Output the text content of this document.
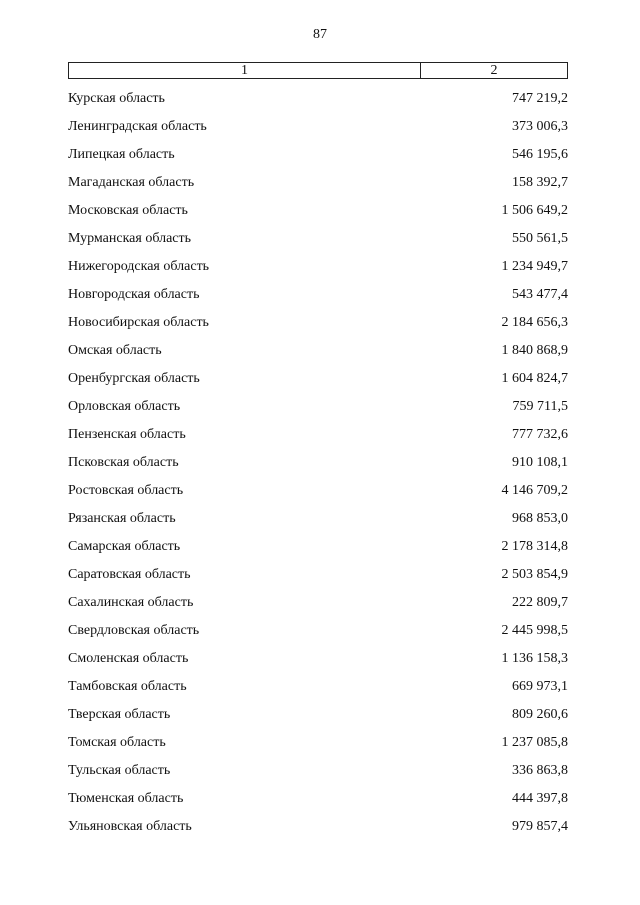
87
1	2
Курская область	747 219,2
Ленинградская область	373 006,3
Липецкая область	546 195,6
Магаданская область	158 392,7
Московская область	1 506 649,2
Мурманская область	550 561,5
Нижегородская область	1 234 949,7
Новгородская область	543 477,4
Новосибирская область	2 184 656,3
Омская область	1 840 868,9
Оренбургская область	1 604 824,7
Орловская область	759 711,5
Пензенская область	777 732,6
Псковская область	910 108,1
Ростовская область	4 146 709,2
Рязанская область	968 853,0
Самарская область	2 178 314,8
Саратовская область	2 503 854,9
Сахалинская область	222 809,7
Свердловская область	2 445 998,5
Смоленская область	1 136 158,3
Тамбовская область	669 973,1
Тверская область	809 260,6
Томская область	1 237 085,8
Тульская область	336 863,8
Тюменская область	444 397,8
Ульяновская область	979 857,4
